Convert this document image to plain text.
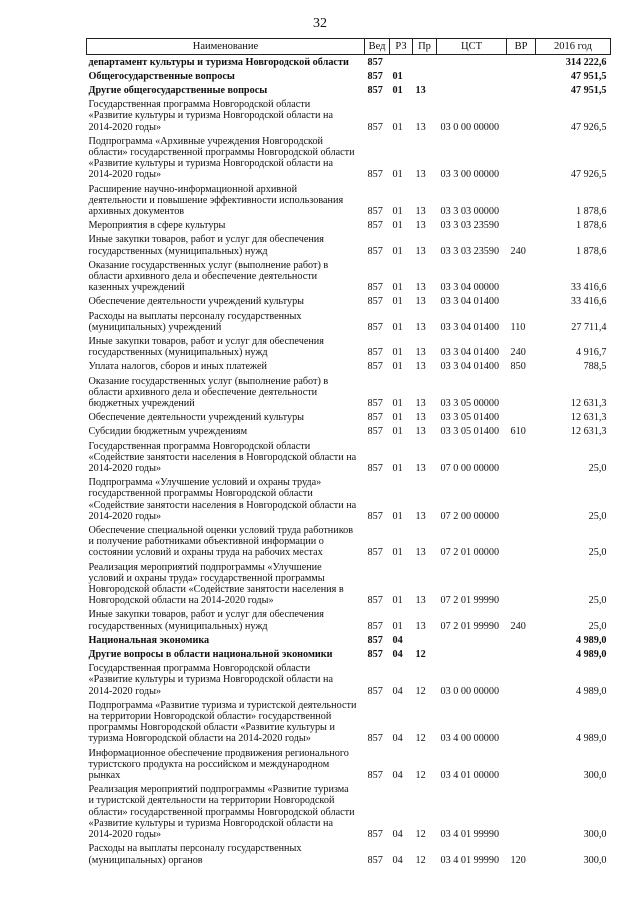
32
Наименование	Вед	РЗ	Пр	ЦСТ	ВР	2016 год
департамент культуры и туризма Новгородской области	857					314 222,6
Общегосударственные вопросы	857	01				47 951,5
Другие общегосударственные вопросы	857	01	13			47 951,5
Государственная программа Новгородской области «Развитие культуры и туризма Новгородской области на 2014-2020 годы»	857	01	13	03 0 00 00000		47 926,5
Подпрограмма «Архивные учреждения Новгородской области» государственной программы Новгородской области «Развитие культуры и туризма Новгородской области на 2014-2020 годы»	857	01	13	03 3 00 00000		47 926,5
Расширение научно-информационной архивной деятельности и повышение эффективности использования архивных документов	857	01	13	03 3 03 00000		1 878,6
Мероприятия в сфере культуры	857	01	13	03 3 03 23590		1 878,6
Иные закупки товаров, работ и услуг для обеспечения государственных (муниципальных) нужд	857	01	13	03 3 03 23590	240	1 878,6
Оказание государственных услуг (выполнение работ) в области архивного дела и обеспечение деятельности казенных учреждений	857	01	13	03 3 04 00000		33 416,6
Обеспечение деятельности учреждений культуры	857	01	13	03 3 04 01400		33 416,6
Расходы на выплаты персоналу государственных (муниципальных) учреждений	857	01	13	03 3 04 01400	110	27 711,4
Иные закупки товаров, работ и услуг для обеспечения государственных (муниципальных) нужд	857	01	13	03 3 04 01400	240	4 916,7
Уплата налогов, сборов и иных платежей	857	01	13	03 3 04 01400	850	788,5
Оказание государственных услуг (выполнение работ) в области архивного дела и обеспечение деятельности бюджетных учреждений	857	01	13	03 3 05 00000		12 631,3
Обеспечение деятельности учреждений культуры	857	01	13	03 3 05 01400		12 631,3
Субсидии бюджетным учреждениям	857	01	13	03 3 05 01400	610	12 631,3
Государственная программа Новгородской области «Содействие занятости населения в Новгородской области на 2014-2020 годы»	857	01	13	07 0 00 00000		25,0
Подпрограмма «Улучшение условий и охраны труда» государственной программы Новгородской области «Содействие занятости населения в Новгородской области на 2014-2020 годы»	857	01	13	07 2 00 00000		25,0
Обеспечение специальной оценки условий труда работников и получение работниками объективной информации о состоянии условий и охраны труда на рабочих местах	857	01	13	07 2 01 00000		25,0
Реализация мероприятий подпрограммы «Улучшение условий и охраны труда» государственной программы Новгородской области «Содействие занятости населения в Новгородской области на 2014-2020 годы»	857	01	13	07 2 01 99990		25,0
Иные закупки товаров, работ и услуг для обеспечения государственных (муниципальных) нужд	857	01	13	07 2 01 99990	240	25,0
Национальная экономика	857	04				4 989,0
Другие вопросы в области национальной экономики	857	04	12			4 989,0
Государственная программа Новгородской области «Развитие культуры и туризма Новгородской области на 2014-2020 годы»	857	04	12	03 0 00 00000		4 989,0
Подпрограмма «Развитие туризма и туристской деятельности на территории Новгородской области» государственной программы Новгородской области «Развитие культуры и туризма Новгородской области на 2014-2020 годы»	857	04	12	03 4 00 00000		4 989,0
Информационное обеспечение продвижения регионального туристского продукта на российском и международном рынках	857	04	12	03 4 01 00000		300,0
Реализация мероприятий подпрограммы «Развитие туризма и туристской деятельности на территории Новгородской области» государственной программы Новгородской области «Развитие культуры и туризма Новгородской области на 2014-2020 годы»	857	04	12	03 4 01 99990		300,0
Расходы на выплаты персоналу государственных (муниципальных) органов	857	04	12	03 4 01 99990	120	300,0
